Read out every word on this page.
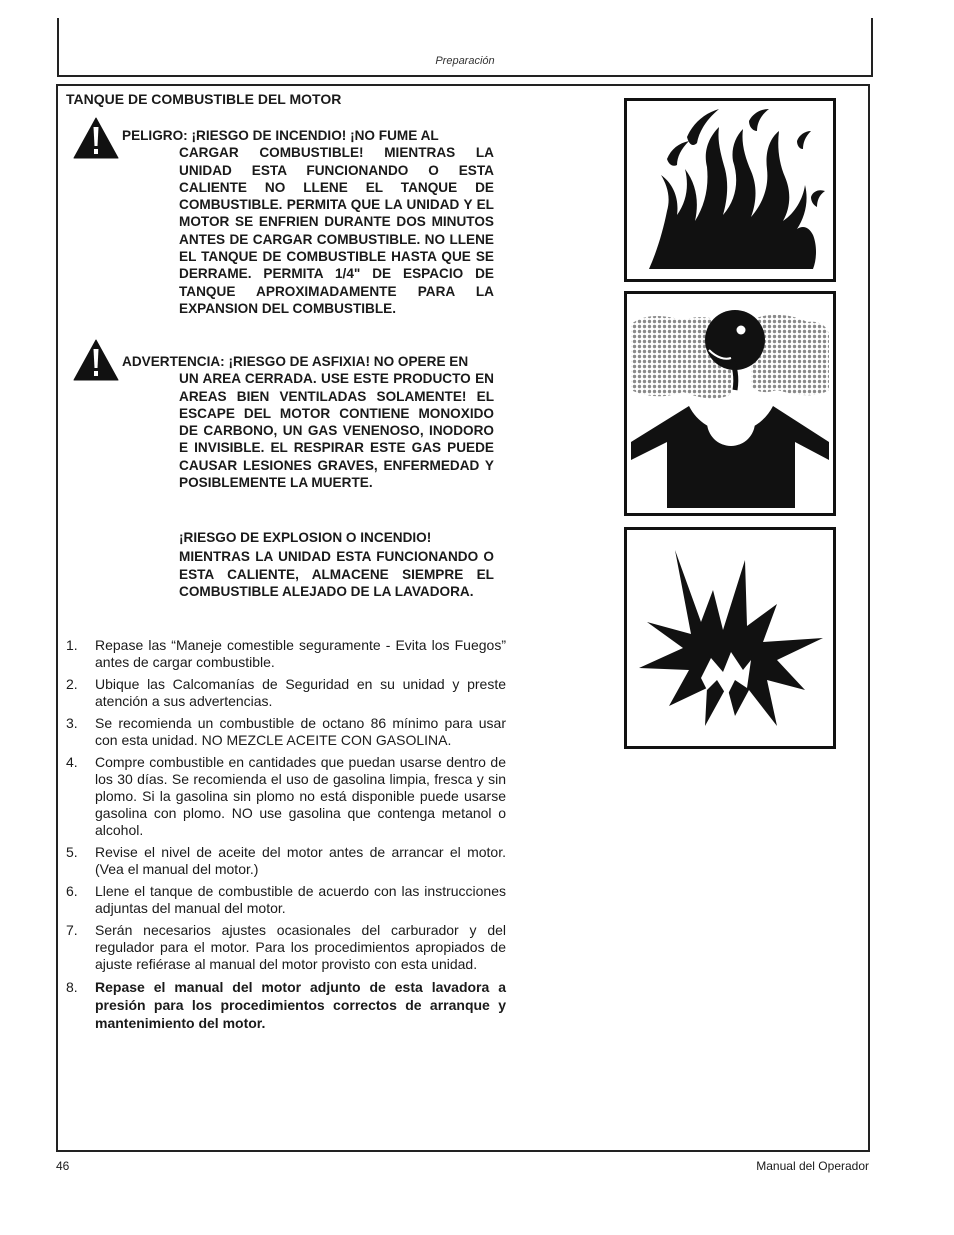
Preparación
TANQUE DE COMBUSTIBLE DEL MOTOR
PELIGRO: ¡RIESGO DE INCENDIO! ¡NO FUME AL
CARGAR COMBUSTIBLE! MIENTRAS LA UNIDAD ESTA FUNCIONANDO O ESTA CALIENTE NO LLENE EL TANQUE DE COMBUSTIBLE. PERMITA QUE LA UNIDAD Y EL MOTOR SE ENFRIEN DURANTE DOS MINUTOS ANTES DE CARGAR COMBUSTIBLE. NO LLENE EL TANQUE DE COMBUSTIBLE HASTA QUE SE DERRAME. PERMITA 1/4" DE ESPACIO DE TANQUE APROXIMADAMENTE PARA LA EXPANSION DEL COMBUSTIBLE.
ADVERTENCIA: ¡RIESGO DE ASFIXIA! NO OPERE EN
UN AREA CERRADA. USE ESTE PRODUCTO EN AREAS BIEN VENTILADAS SOLAMENTE! EL ESCAPE DEL MOTOR CONTIENE MONOXIDO DE CARBONO, UN GAS VENENOSO, INODORO E INVISIBLE. EL RESPIRAR ESTE GAS PUEDE CAUSAR LESIONES GRAVES, ENFERMEDAD Y POSIBLEMENTE LA MUERTE.
¡RIESGO DE EXPLOSION O INCENDIO!
MIENTRAS LA UNIDAD ESTA FUNCIONANDO O ESTA CALIENTE, ALMACENE SIEMPRE EL COMBUSTIBLE ALEJADO DE LA LAVADORA.
1. Repase las “Maneje comestible seguramente - Evita los Fuegos” antes de cargar combustible.
2. Ubique las Calcomanías de Seguridad en su unidad y preste atención a sus advertencias.
3. Se recomienda un combustible de octano 86 mínimo para usar con esta unidad. NO MEZCLE ACEITE CON GASOLINA.
4. Compre combustible en cantidades que puedan usarse dentro de los 30 días. Se recomienda el uso de gasolina limpia, fresca y sin plomo. Si la gasolina sin plomo no está disponible puede usarse gasolina con plomo. NO use gasolina que contenga metanol o alcohol.
5. Revise el nivel de aceite del motor antes de arrancar el motor. (Vea el manual del motor.)
6. Llene el tanque de combustible de acuerdo con las instrucciones adjuntas del manual del motor.
7. Serán necesarios ajustes ocasionales del carburador y del regulador para el motor. Para los procedimientos apropiados de ajuste refiérase al manual del motor provisto con esta unidad.
8. Repase el manual del motor adjunto de esta lavadora a presión para los procedimientos correctos de arranque y mantenimiento del motor.
46	Manual del Operador
